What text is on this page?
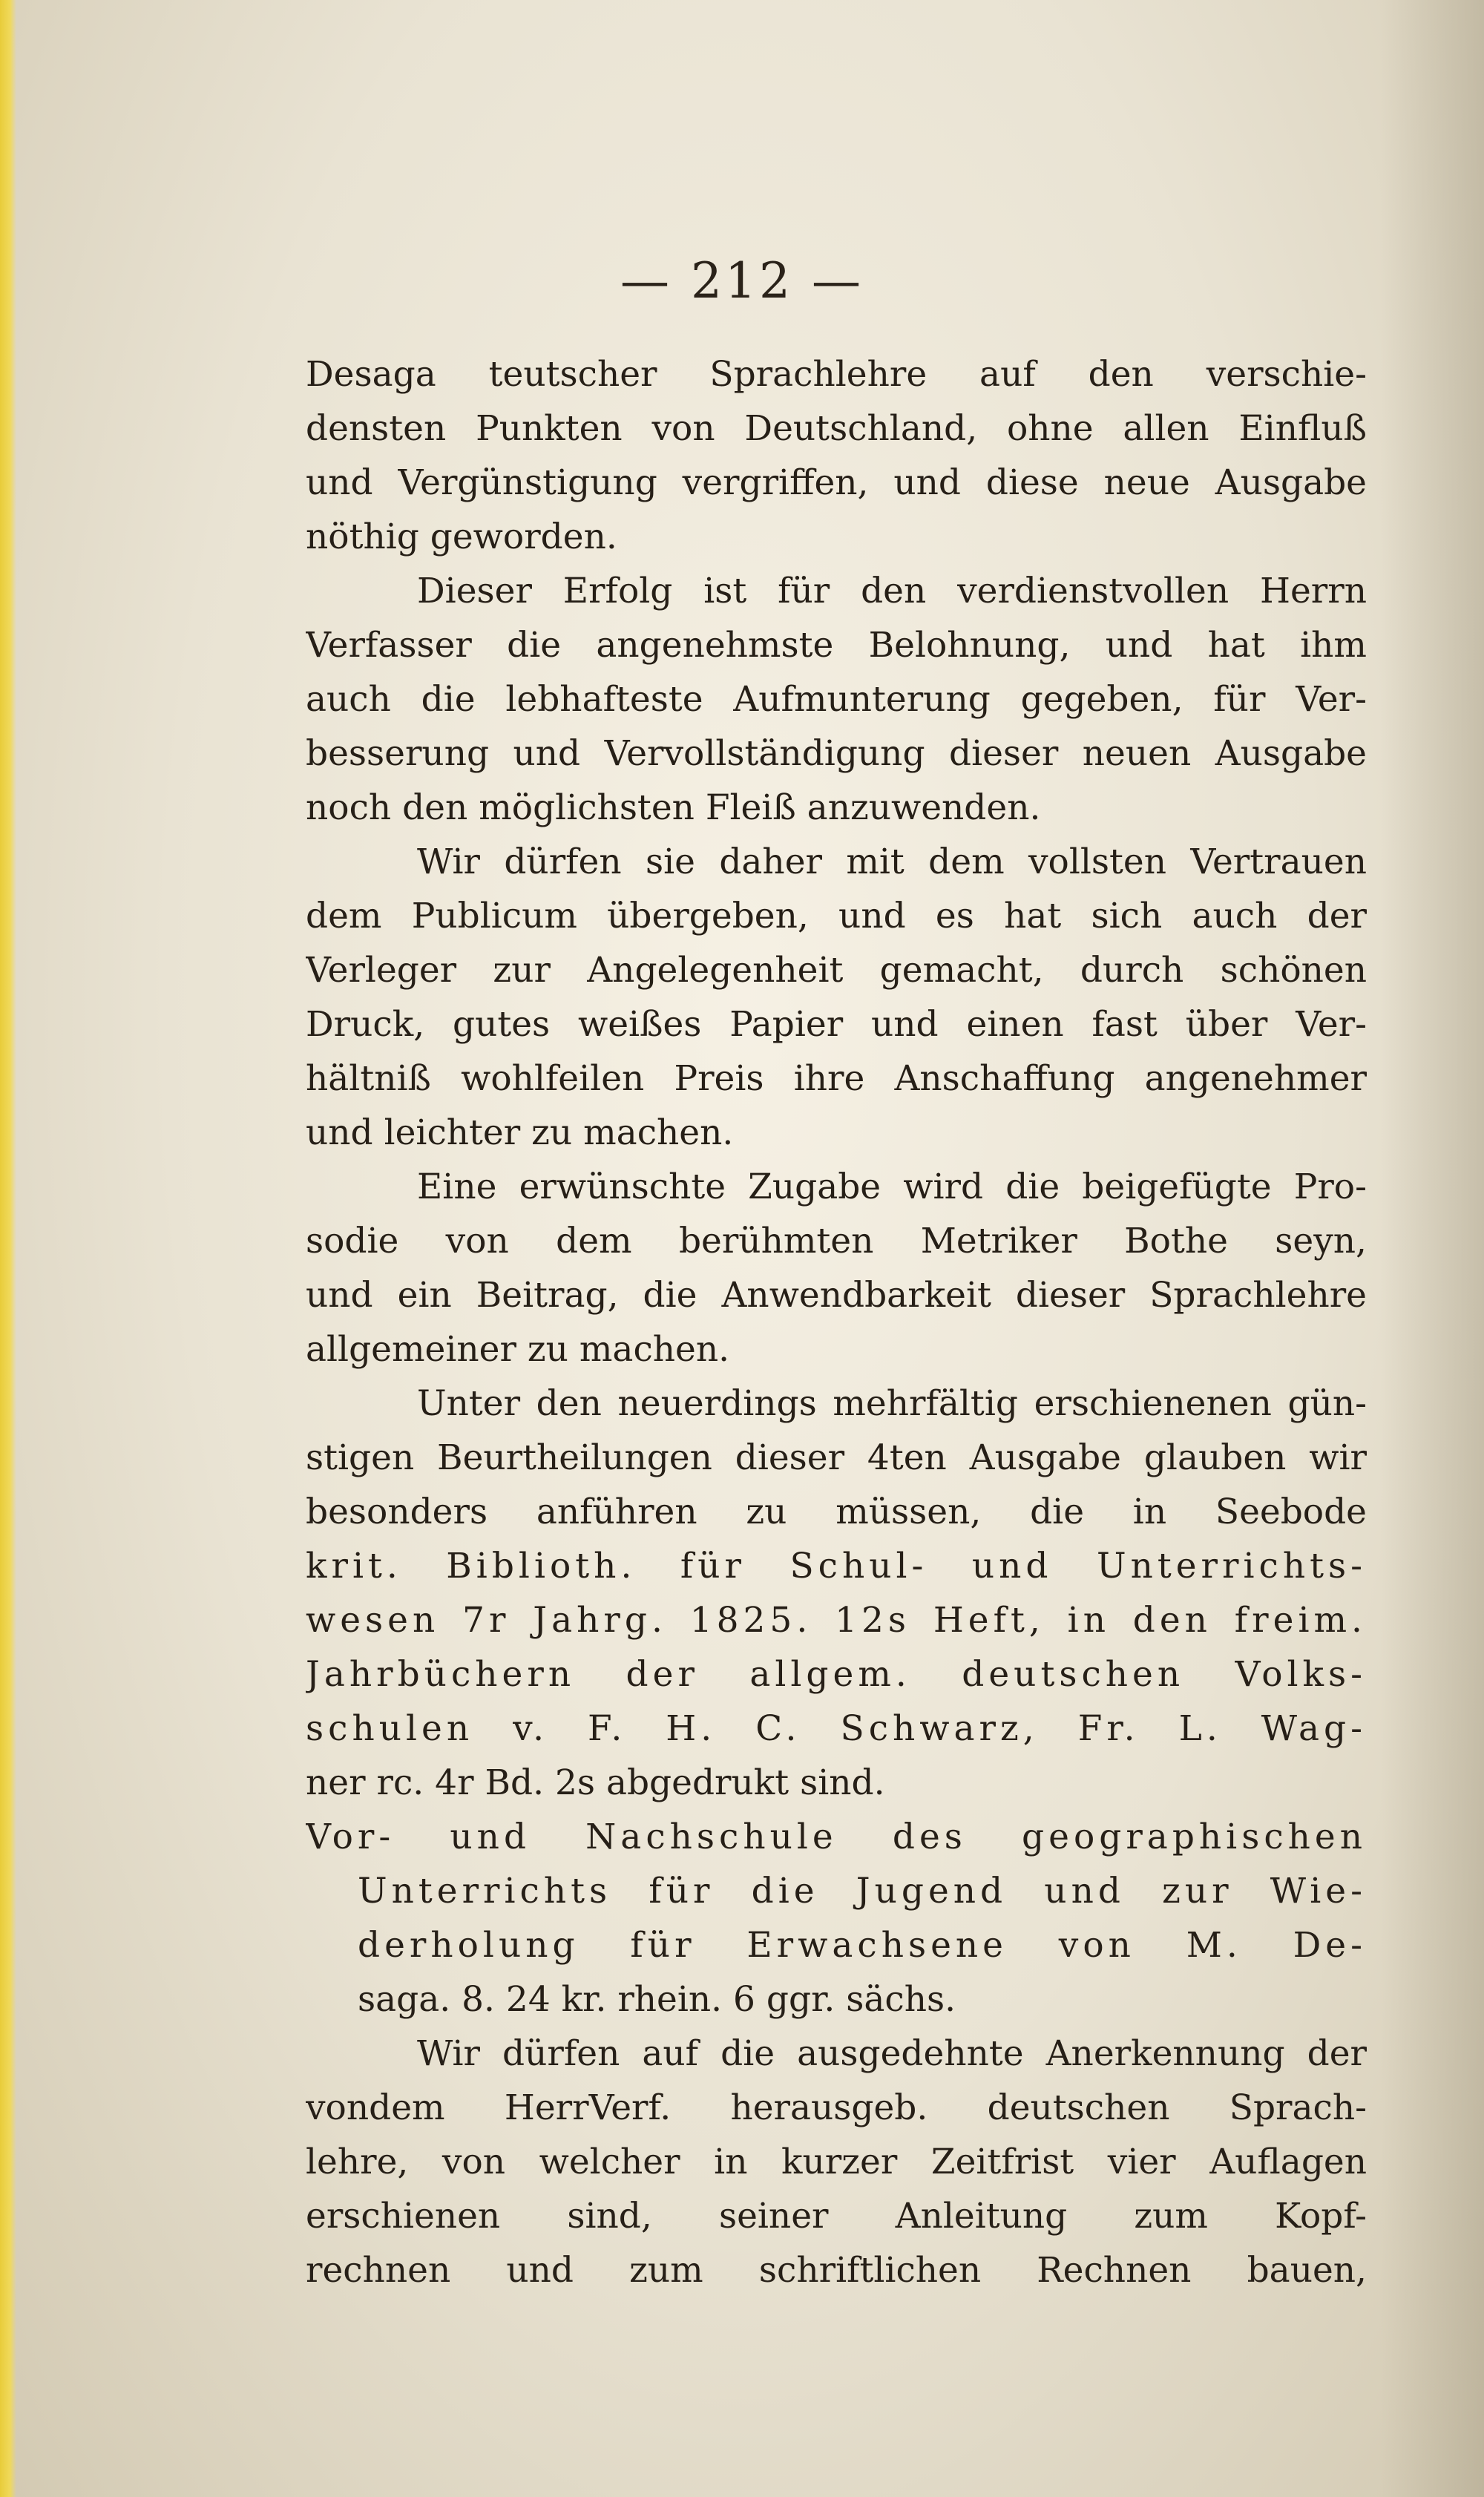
— 212 —
Desaga teutscher Sprachlehre auf den verschie-
densten Punkten von Deutschland, ohne allen Einfluß
und Vergünstigung vergriffen, und diese neue Ausgabe
nöthig geworden.
Dieser Erfolg ist für den verdienstvollen Herrn
Verfasser die angenehmste Belohnung, und hat ihm
auch die lebhafteste Aufmunterung gegeben, für Ver-
besserung und Vervollständigung dieser neuen Ausgabe
noch den möglichsten Fleiß anzuwenden.
Wir dürfen sie daher mit dem vollsten Vertrauen
dem Publicum übergeben, und es hat sich auch der
Verleger zur Angelegenheit gemacht, durch schönen
Druck, gutes weißes Papier und einen fast über Ver-
hältniß wohlfeilen Preis ihre Anschaffung angenehmer
und leichter zu machen.
Eine erwünschte Zugabe wird die beigefügte Pro-
sodie von dem berühmten Metriker Bothe seyn,
und ein Beitrag, die Anwendbarkeit dieser Sprachlehre
allgemeiner zu machen.
Unter den neuerdings mehrfältig erschienenen gün-
stigen Beurtheilungen dieser 4ten Ausgabe glauben wir
besonders anführen zu müssen, die in Seebode
krit. Biblioth. für Schul- und Unterrichts-
wesen 7r Jahrg. 1825. 12s Heft, in den freim.
Jahrbüchern der allgem. deutschen Volks-
schulen v. F. H. C. Schwarz, Fr. L. Wag-
ner rc. 4r Bd. 2s abgedrukt sind.
Vor- und Nachschule des geographischen
Unterrichts für die Jugend und zur Wie-
derholung für Erwachsene von M. De-
saga. 8. 24 kr. rhein. 6 ggr. sächs.
Wir dürfen auf die ausgedehnte Anerkennung der
vondem HerrVerf. herausgeb. deutschen Sprach-
lehre, von welcher in kurzer Zeitfrist vier Auflagen
erschienen sind, seiner Anleitung zum Kopf-
rechnen und zum schriftlichen Rechnen bauen,
